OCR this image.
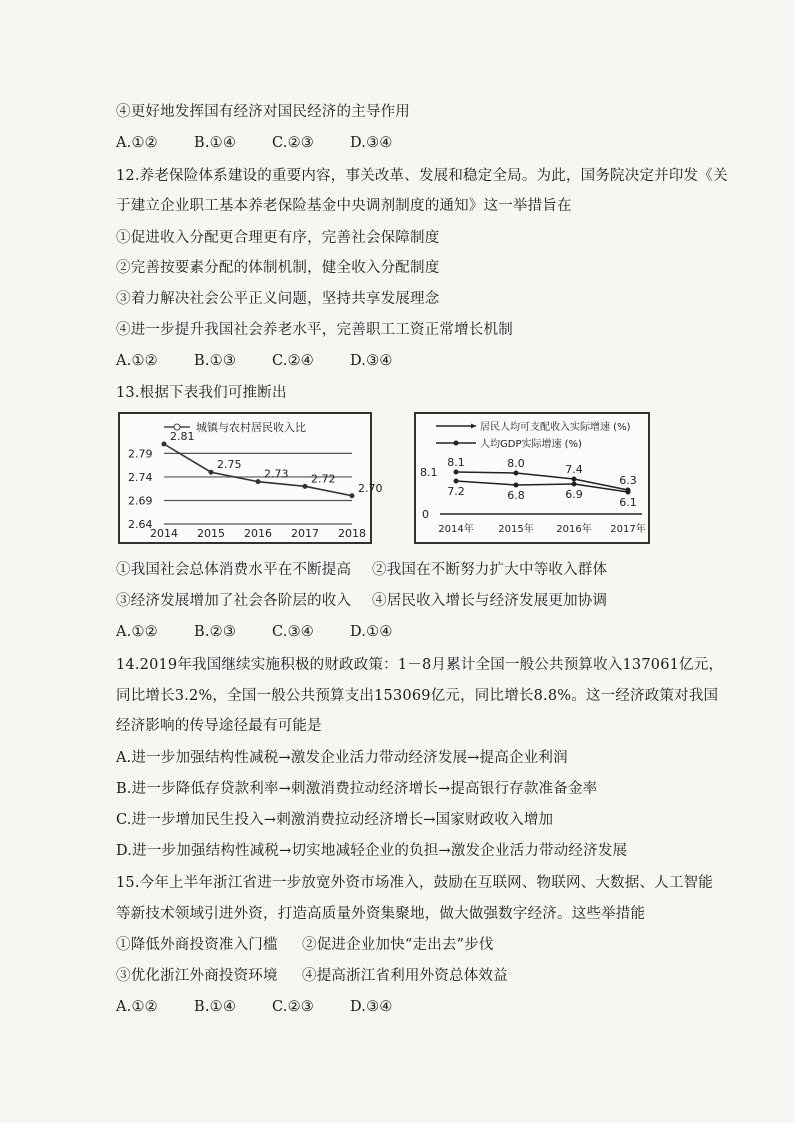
④更好地发挥国有经济对国民经济的主导作用
A.①② B.①④ C.②③ D.③④
12.养老保险体系建设的重要内容，事关改革、发展和稳定全局。为此，国务院决定并印发《关
于建立企业职工基本养老保险基金中央调剂制度的通知》这一举措旨在
①促进收入分配更合理更有序，完善社会保障制度
②完善按要素分配的体制机制，健全收入分配制度
③着力解决社会公平正义问题，坚持共享发展理念
④进一步提升我国社会养老水平，完善职工工资正常增长机制
A.①② B.①③ C.②④ D.③④
13.根据下表我们可推断出
城镇与农村居民收入比
2.79
2.74
2.69
2.64
2014 2015 2016 2017 2018
2.81
2.75
2.73 2.72
2.70
居民人均可支配收入实际增速 (%)
人均GDP实际增速 (%)
8.1
0
2014年 2015年 2016年 2017年
8.1	8.0	7.4
6.3
7.2	6.8	6.9
6.1
①我国社会总体消费水平在不断提高 ②我国在不断努力扩大中等收入群体
③经济发展增加了社会各阶层的收入 ④居民收入增长与经济发展更加协调
A.①② B.②③ C.③④ D.①④
14.2019年我国继续实施积极的财政政策：1－8月累计全国一般公共预算收入137061亿元，
同比增长3.2%，全国一般公共预算支出153069亿元，同比增长8.8%。这一经济政策对我国
经济影响的传导途径最有可能是
A.进一步加强结构性减税→激发企业活力带动经济发展→提高企业利润
B.进一步降低存贷款利率→刺激消费拉动经济增长→提高银行存款准备金率
C.进一步增加民生投入→刺激消费拉动经济增长→国家财政收入增加
D.进一步加强结构性减税→切实地减轻企业的负担→激发企业活力带动经济发展
15.今年上半年浙江省进一步放宽外资市场准入，鼓励在互联网、物联网、大数据、人工智能
等新技术领域引进外资，打造高质量外资集聚地，做大做强数字经济。这些举措能
①降低外商投资准入门槛 ②促进企业加快“走出去”步伐
③优化浙江外商投资环境 ④提高浙江省利用外资总体效益
A.①② B.①④ C.②③ D.③④
